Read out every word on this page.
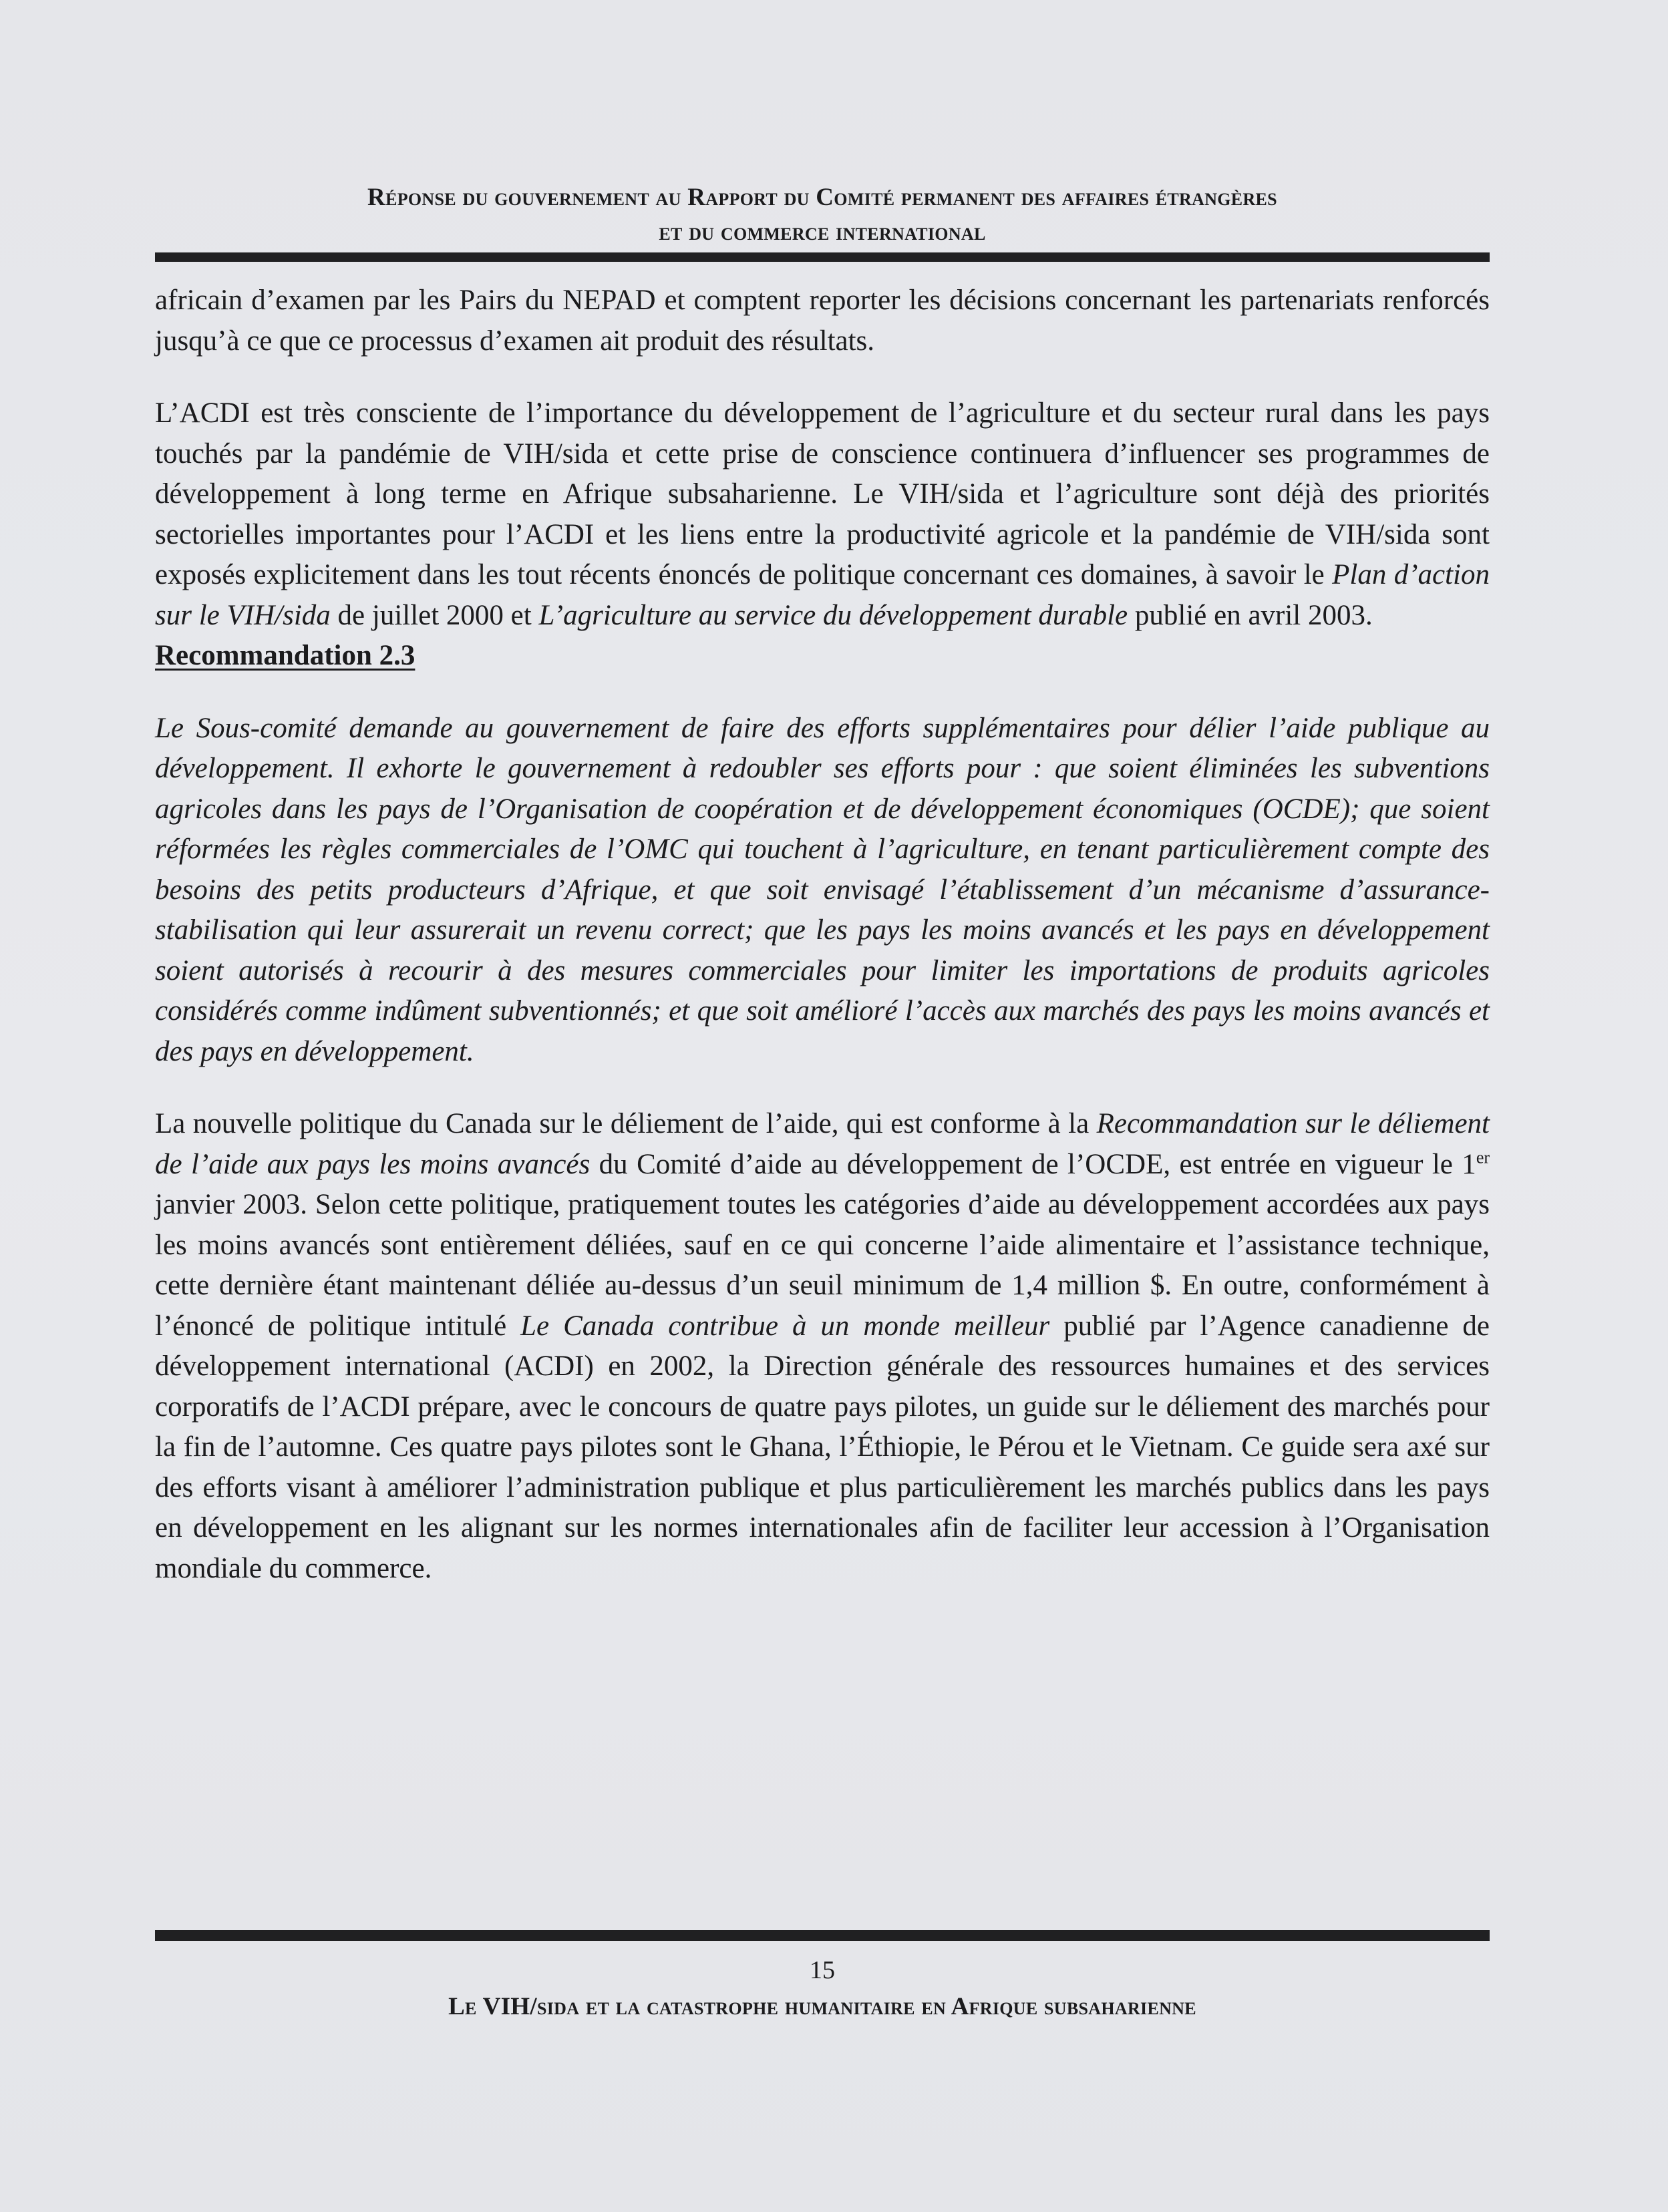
Réponse du gouvernement au Rapport du Comité permanent des affaires étrangères
et du commerce international

africain d’examen par les Pairs du NEPAD et comptent reporter les décisions concernant les partenariats renforcés jusqu’à ce que ce processus d’examen ait produit des résultats.

L’ACDI est très consciente de l’importance du développement de l’agriculture et du secteur rural dans les pays touchés par la pandémie de VIH/sida et cette prise de conscience continuera d’influencer ses programmes de développement à long terme en Afrique subsaharienne. Le VIH/sida et l’agriculture sont déjà des priorités sectorielles importantes pour l’ACDI et les liens entre la productivité agricole et la pandémie de VIH/sida sont exposés explicitement dans les tout récents énoncés de politique concernant ces domaines, à savoir le Plan d’action sur le VIH/sida de juillet 2000 et L’agriculture au service du développement durable publié en avril 2003.

Recommandation 2.3

Le Sous-comité demande au gouvernement de faire des efforts supplémentaires pour délier l’aide publique au développement. Il exhorte le gouvernement à redoubler ses efforts pour : que soient éliminées les subventions agricoles dans les pays de l’Organisation de coopération et de développement économiques (OCDE); que soient réformées les règles commerciales de l’OMC qui touchent à l’agriculture, en tenant particulièrement compte des besoins des petits producteurs d’Afrique, et que soit envisagé l’établissement d’un mécanisme d’assurance-stabilisation qui leur assurerait un revenu correct; que les pays les moins avancés et les pays en développement soient autorisés à recourir à des mesures commerciales pour limiter les importations de produits agricoles considérés comme indûment subventionnés; et que soit amélioré l’accès aux marchés des pays les moins avancés et des pays en développement.

La nouvelle politique du Canada sur le déliement de l’aide, qui est conforme à la Recommandation sur le déliement de l’aide aux pays les moins avancés du Comité d’aide au développement de l’OCDE, est entrée en vigueur le 1er janvier 2003. Selon cette politique, pratiquement toutes les catégories d’aide au développement accordées aux pays les moins avancés sont entièrement déliées, sauf en ce qui concerne l’aide alimentaire et l’assistance technique, cette dernière étant maintenant déliée au-dessus d’un seuil minimum de 1,4 million $. En outre, conformément à l’énoncé de politique intitulé Le Canada contribue à un monde meilleur publié par l’Agence canadienne de développement international (ACDI) en 2002, la Direction générale des ressources humaines et des services corporatifs de l’ACDI prépare, avec le concours de quatre pays pilotes, un guide sur le déliement des marchés pour la fin de l’automne. Ces quatre pays pilotes sont le Ghana, l’Éthiopie, le Pérou et le Vietnam. Ce guide sera axé sur des efforts visant à améliorer l’administration publique et plus particulièrement les marchés publics dans les pays en développement en les alignant sur les normes internationales afin de faciliter leur accession à l’Organisation mondiale du commerce.

15
Le VIH/sida et la catastrophe humanitaire en Afrique subsaharienne
